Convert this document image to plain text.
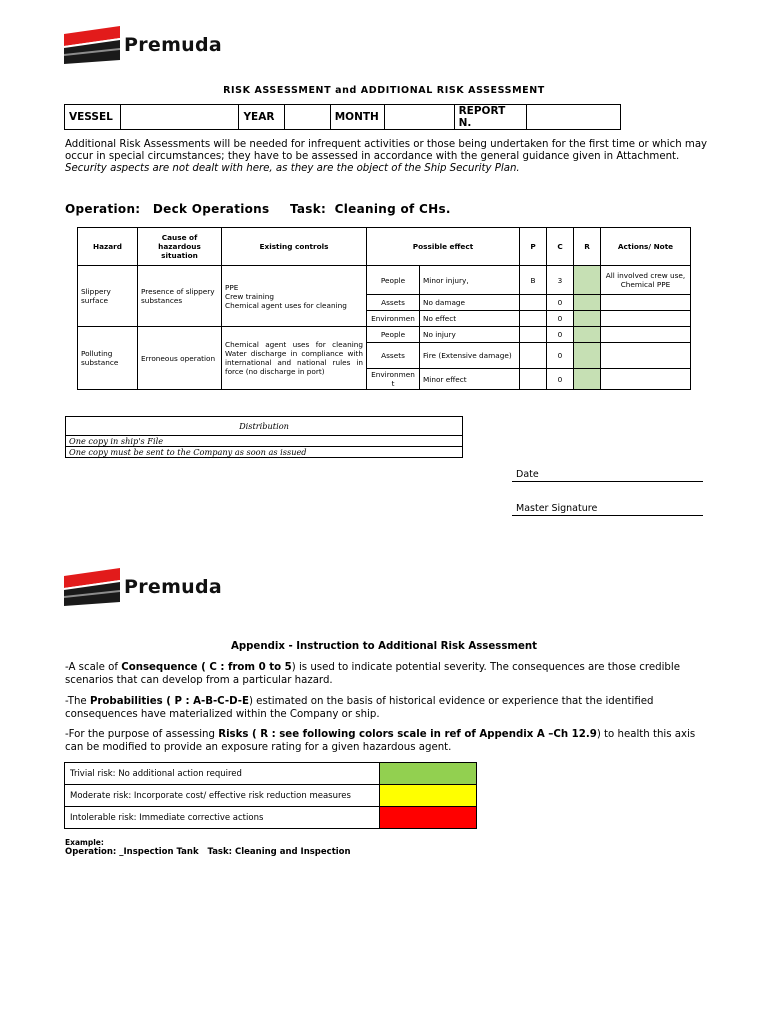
Premuda
RISK ASSESSMENT and ADDITIONAL RISK ASSESSMENT
VESSEL		YEAR		MONTH		REPORT N.	
Additional Risk Assessments will be needed for infrequent activities or those being undertaken for the first time or which may
occur in special circumstances; they have to be assessed in accordance with the general guidance given in Attachment.
Security aspects are not dealt with here, as they are the object of the Ship Security Plan.
Operation: Deck Operations Task: Cleaning of CHs.
Hazard	Cause of hazardous situation	Existing controls	Possible effect		P	C	R	Actions/ Note
Slippery surface	Presence of slippery substances	PPE
Crew training
Chemical agent uses for cleaning	People	Minor injury,	B	3		All involved crew use, Chemical PPE
			Assets	No damage		0		
			Environmen	No effect		0		
Polluting substance	Erroneous operation	Chemical agent uses for cleaning Water discharge in compliance with international and national rules in force (no discharge in port)	People	No injury		0		
			Assets	Fire (Extensive damage)		0		
			Environmen t	Minor effect		0		
Distribution
One copy in ship's File
One copy must be sent to the Company as soon as issued
Date
Master Signature
Premuda
Appendix - Instruction to Additional Risk Assessment
-A scale of Consequence ( C : from 0 to 5) is used to indicate potential severity. The consequences are those credible
scenarios that can develop from a particular hazard.
-The Probabilities ( P : A-B-C-D-E) estimated on the basis of historical evidence or experience that the identified
consequences have materialized within the Company or ship.
-For the purpose of assessing Risks ( R : see following colors scale in ref of Appendix A –Ch 12.9) to health this axis
can be modified to provide an exposure rating for a given hazardous agent.
Trivial risk: No additional action required	
Moderate risk: Incorporate cost/ effective risk reduction measures	
Intolerable risk: Immediate corrective actions	
Example:
Operation: _Inspection Tank   Task: Cleaning and Inspection
